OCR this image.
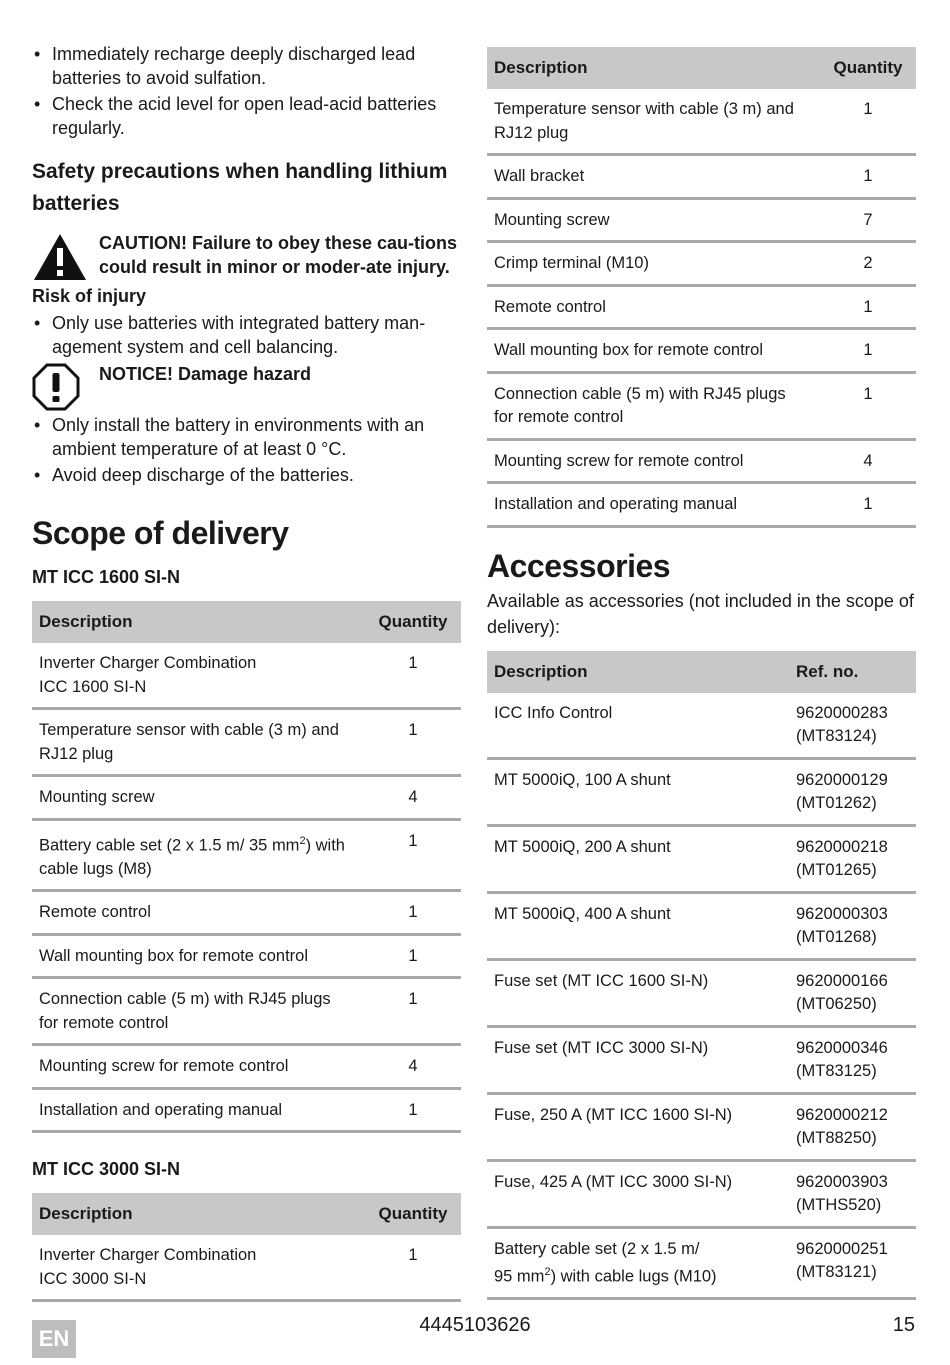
• Immediately recharge deeply discharged lead batteries to avoid sulfation.
• Check the acid level for open lead-acid batteries regularly.
Safety precautions when handling lithium batteries
CAUTION! Failure to obey these cau-tions could result in minor or moder-ate injury.
Risk of injury
• Only use batteries with integrated battery man-agement system and cell balancing.
NOTICE! Damage hazard
• Only install the battery in environments with an ambient temperature of at least 0 °C.
• Avoid deep discharge of the batteries.
Scope of delivery
MT ICC 1600 SI-N
Description	Quantity
Inverter Charger Combination
ICC 1600 SI-N	1
Temperature sensor with cable (3 m) and
RJ12 plug	1
Mounting screw	4
Battery cable set (2 x 1.5 m/ 35 $mm^2$) with
cable lugs (M8)	1
Remote control	1
Wall mounting box for remote control	1
Connection cable (5 m) with RJ45 plugs
for remote control	1
Mounting screw for remote control	4
Installation and operating manual	1
MT ICC 3000 SI-N
Description	Quantity
Inverter Charger Combination
ICC 3000 SI-N	1
Description	Quantity
Temperature sensor with cable (3 m) and
RJ12 plug	1
Wall bracket	1
Mounting screw	7
Crimp terminal (M10)	2
Remote control	1
Wall mounting box for remote control	1
Connection cable (5 m) with RJ45 plugs
for remote control	1
Mounting screw for remote control	4
Installation and operating manual	1
Accessories

Available as accessories (not included in the scope of delivery):

Description	Ref. no.
ICC Info Control	9620000283
(MT83124)
MT 5000iQ, 100 A shunt	9620000129
(MT01262)
MT 5000iQ, 200 A shunt	9620000218
(MT01265)
MT 5000iQ, 400 A shunt	9620000303
(MT01268)
Fuse set (MT ICC 1600 SI-N)	9620000166
(MT06250)
Fuse set (MT ICC 3000 SI-N)	9620000346
(MT83125)
Fuse, 250 A (MT ICC 1600 SI-N)	9620000212
(MT88250)
Fuse, 425 A (MT ICC 3000 SI-N)	9620003903
(MTHS520)
Battery cable set (2 x 1.5 m/
95 $mm^2$) with cable lugs (M10)	9620000251
(MT83121)
EN
4445103626	15
